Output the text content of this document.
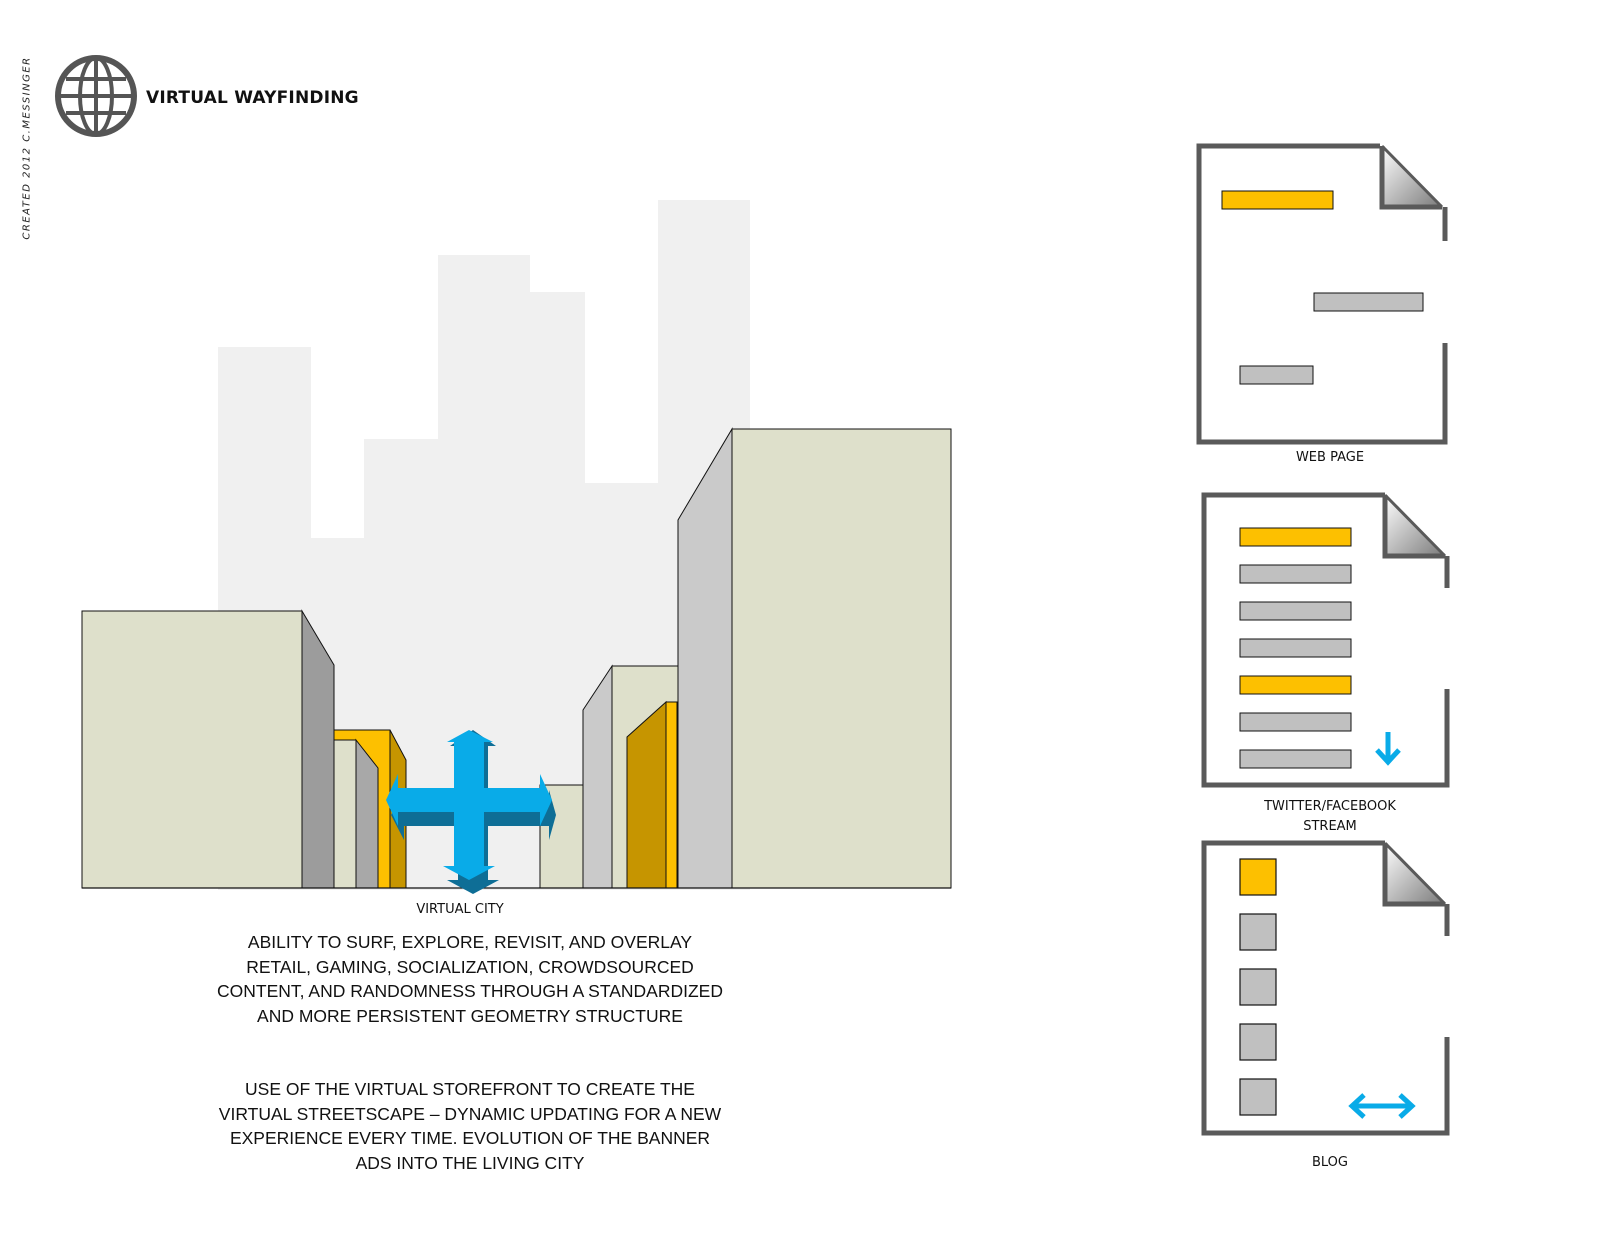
CREATED 2012 C.MESSINGER	VIRTUAL WAYFINDING
VIRTUAL CITY
ABILITY TO SURF, EXPLORE, REVISIT, AND OVERLAY RETAIL, GAMING, SOCIALIZATION, CROWDSOURCED CONTENT, AND RANDOMNESS THROUGH A STANDARDIZED AND MORE PERSISTENT GEOMETRY STRUCTURE
USE OF THE VIRTUAL STOREFRONT TO CREATE THE VIRTUAL STREETSCAPE – DYNAMIC UPDATING FOR A NEW EXPERIENCE EVERY TIME. EVOLUTION OF THE BANNER ADS INTO THE LIVING CITY
WEB PAGE
TWITTER/FACEBOOK
STREAM
BLOG
